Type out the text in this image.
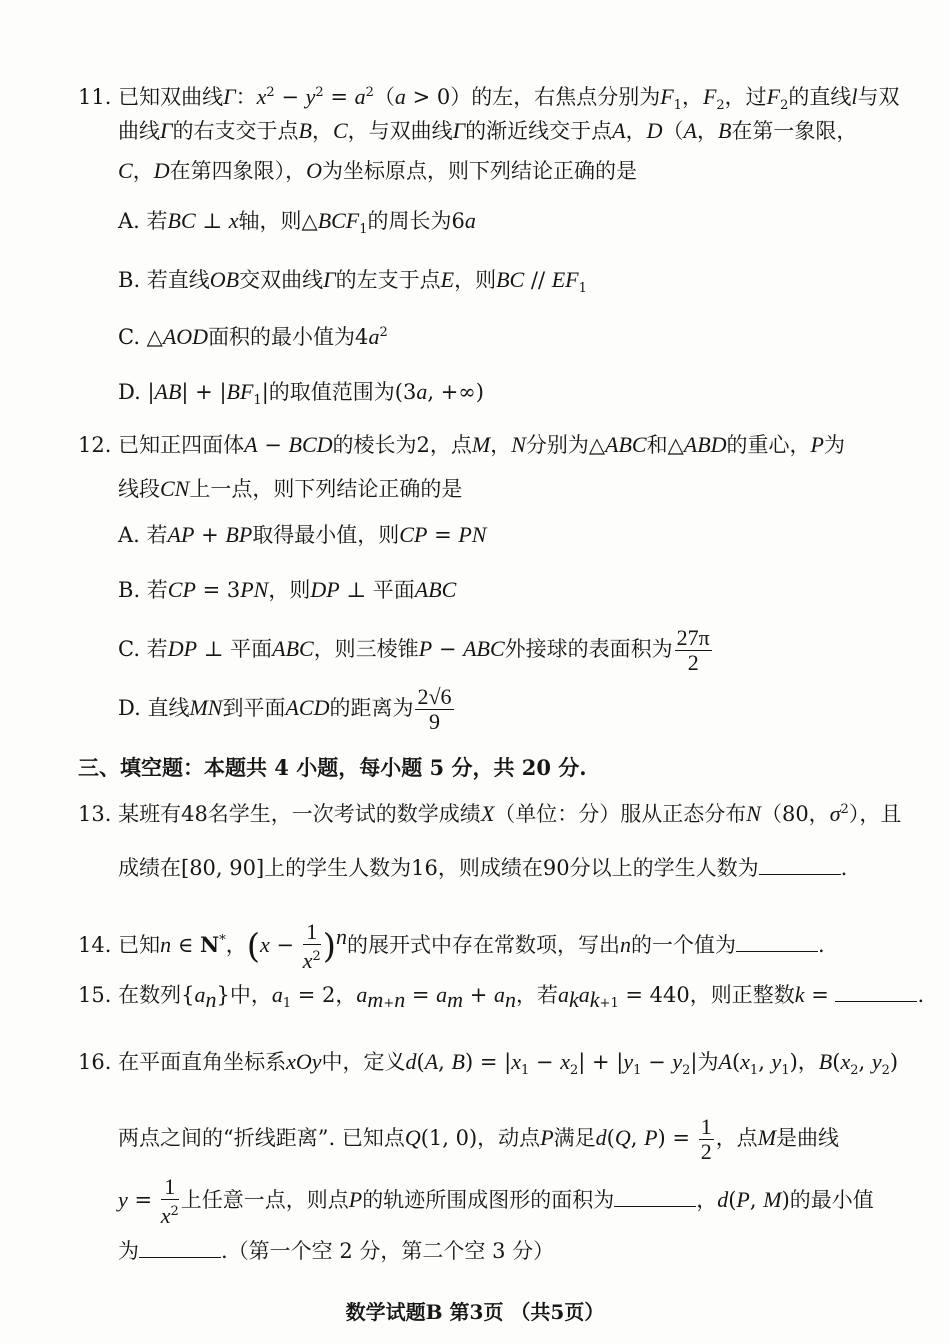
11. 已知双曲线Γ：$x^2 - y^2 = a^2(a > 0)$的左，右焦点分别为$F_1$，$F_2$，过$F_2$的直线l与双
曲线Γ的右支交于点B，C，与双曲线Γ的渐近线交于点A，D（A，B在第一象限，
C，D在第四象限），O为坐标原点，则下列结论正确的是
A. 若BC ⊥ x轴，则$\triangle BCF_1$的周长为6a
B. 若直线OB交双曲线Γ的左支于点E，则BC // $EF_1$
C. △AOD面积的最小值为$4a^2$
D. $|AB| + |BF_1|$的取值范围为(3a, +∞)
12. 已知正四面体A − BCD的棱长为2，点M，N分别为△ABC和△ABD的重心，P为
线段CN上一点，则下列结论正确的是
A. 若AP + BP取得最小值，则CP = PN
B. 若CP = 3PN，则DP ⊥ 平面ABC
C. 若DP ⊥ 平面ABC，则三棱锥P − ABC外接球的表面积为 $\frac{27\pi}{2}$
D. 直线MN到平面ACD的距离为 $\frac{2√6}{9}$
三、填空题：本题共 4 小题，每小题 5 分，共 20 分.
13. 某班有48名学生，一次考试的数学成绩X（单位：分）服从正态分布N（80，$\sigma^2$），且
成绩在[80, 90]上的学生人数为16，则成绩在90分以上的学生人数为	.
14. 已知n ∈ N*，$(x - \frac{1}{x^2} )^n$的展开式中存在常数项，写出n的一个值为	.
15. 在数列$\{a_n\}$中，$a_1 = 2$，$a_{m+n} = a_m + a_n$，若$a_ka_{k+1} = 440$，则正整数k =	.
16. 在平面直角坐标系xOy中，定义d(A, $B) = |x_1 - x_2| + |y_1 - y_2|$为$A(x_1$, $y_1$)，$B(x_2$, $y_2$)
两点之间的“折线距离”. 已知点Q(1, 0)，动点P满足d(Q, $P) = \frac{1}{2}$ ，点M是曲线
$y = \frac{1}{x^2}$ 上任意一点，则点P的轨迹所围成图形的面积为	，d(P, M)的最小值
为	.（第一个空 2 分，第二个空 3 分）
数学试题B 第3页 （共5页）
